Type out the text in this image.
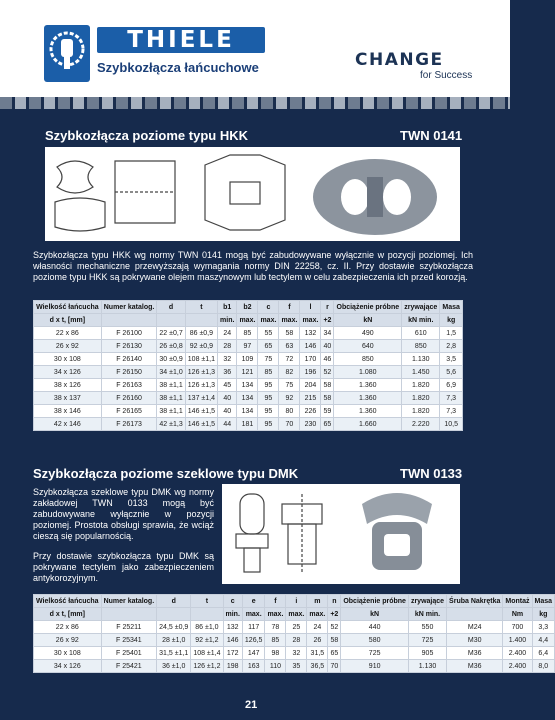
THIELE
Szybkozłącza łańcuchowe	CHANGE
for Success
Szybkozłącza poziome typu HKK	TWN 0141
Szybkozłącza typu HKK wg normy TWN 0141 mogą być zabudowywane wyłącznie w pozycji poziomej. Ich własności mechaniczne przewyższają wymagania normy DIN 22258, cz. II. Przy dostawie szybkozłącza poziome typu HKK są pokrywane olejem maszynowym lub tectylem w celu zabezpieczenia ich przed korozją.
Wielkość łańcucha	Numer katalog.	d	t	b1	b2	c	f	l	r	Obciążenie próbne	zrywające	Masa
d x t, [mm]				min.	max.	max.	max.	max.	+2	kN	kN min.	kg
22 x 86	F 26100	22 ±0,7	86 ±0,9	24	85	55	58	132	34	490	610	1,5
26 x 92	F 26130	26 ±0,8	92 ±0,9	28	97	65	63	146	40	640	850	2,8
30 x 108	F 26140	30 ±0,9	108 ±1,1	32	109	75	72	170	46	850	1.130	3,5
34 x 126	F 26150	34 ±1,0	126 ±1,3	36	121	85	82	196	52	1.080	1.450	5,6
38 x 126	F 26163	38 ±1,1	126 ±1,3	45	134	95	75	204	58	1.360	1.820	6,9
38 x 137	F 26160	38 ±1,1	137 ±1,4	40	134	95	92	215	58	1.360	1.820	7,3
38 x 146	F 26165	38 ±1,1	146 ±1,5	40	134	95	80	226	59	1.360	1.820	7,3
42 x 146	F 26173	42 ±1,3	146 ±1,5	44	181	95	70	230	65	1.660	2.220	10,5
Szybkozłącza poziome szeklowe typu DMK	TWN 0133
Szybkozłącza szeklowe typu DMK wg normy zakładowej TWN 0133 mogą być zabudowywane wyłącznie w pozycji poziomej. Prostota obsługi sprawia, że wciąż cieszą się popularnością.
Przy dostawie szybkozłącza typu DMK są pokrywane tectylem jako zabezpieczeniem antykorozyjnym.
Wielkość łańcucha	Numer katalog.	d	t	c	e	f	i	m	n	Obciążenie próbne	zrywające	Śruba Nakrętka	Montaż	Masa
d x t, [mm]				min.	max.	max.	max.	max.	+2	kN	kN min.		Nm	kg
22 x 86	F 25211	24,5 ±0,9	86 ±1,0	132	117	78	25	24	52	440	550	M24	700	3,3
26 x 92	F 25341	28 ±1,0	92 ±1,2	146	126,5	85	28	26	58	580	725	M30	1.400	4,4
30 x 108	F 25401	31,5 ±1,1	108 ±1,4	172	147	98	32	31,5	65	725	905	M36	2.400	6,4
34 x 126	F 25421	36 ±1,0	126 ±1,2	198	163	110	35	36,5	70	910	1.130	M36	2.400	8,0
21
